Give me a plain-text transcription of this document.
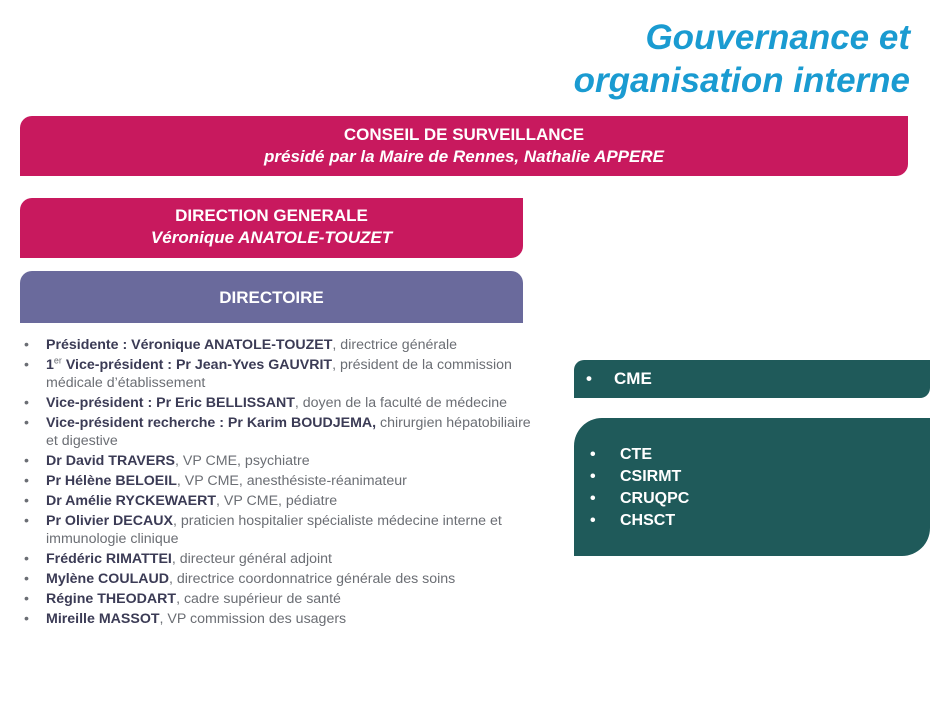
Gouvernance et
organisation interne
CONSEIL DE SURVEILLANCE
présidé par la Maire de Rennes, Nathalie APPERE
DIRECTION GENERALE
Véronique ANATOLE-TOUZET
DIRECTOIRE
• Présidente : Véronique ANATOLE-TOUZET, directrice générale
• 1er Vice-président : Pr Jean-Yves GAUVRIT, président de la commission médicale d’établissement
• Vice-président : Pr Eric BELLISSANT, doyen de la faculté de médecine
• Vice-président recherche : Pr Karim BOUDJEMA, chirurgien hépatobiliaire et digestive
• Dr David TRAVERS, VP CME, psychiatre
• Pr Hélène BELOEIL, VP CME, anesthésiste-réanimateur
• Dr Amélie RYCKEWAERT, VP CME, pédiatre
• Pr Olivier DECAUX, praticien hospitalier spécialiste médecine interne et immunologie clinique
• Frédéric RIMATTEI, directeur général adjoint
• Mylène COULAUD, directrice coordonnatrice générale des soins
• Régine THEODART, cadre supérieur de santé
• Mireille MASSOT, VP commission des usagers
• CME
• CTE
• CSIRMT
• CRUQPC
• CHSCT
